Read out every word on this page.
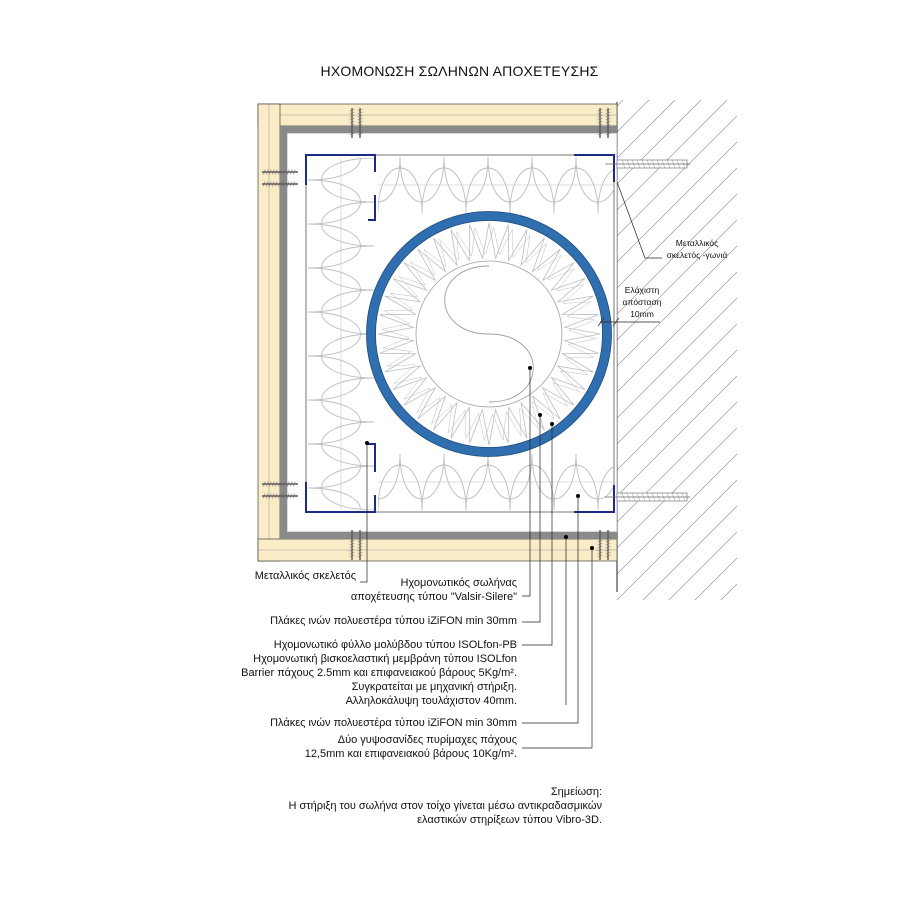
ΗΧΟΜΟΝΩΣΗ ΣΩΛΗΝΩΝ ΑΠΟΧΕΤΕΥΣΗΣ
Μεταλλικός
σκελετός -γωνιά
Ελάχιστη
απόσταση
10mm
Μεταλλικός σκελετός
Ηχομονωτικός σωλήνας
αποχέτευσης τύπου "Valsir-Silere"
Πλάκες ινών πολυεστέρα τύπου iZiFON min 30mm
Ηχομονωτικό φύλλο μολύβδου τύπου ISOLfon-PB
Ηχομονωτική βισκοελαστική μεμβράνη τύπου ISOLfon
Barrier πάχους 2.5mm και επιφανειακού βάρους 5Kg/m².
Συγκρατείται με μηχανική στήριξη.
Αλληλοκάλυψη τουλάχιστον 40mm.
Πλάκες ινών πολυεστέρα τύπου iZiFON min 30mm
Δύο γυψοσανίδες πυρίμαχες πάχους
12,5mm και επιφανειακού βάρους 10Kg/m².
Σημείωση:
Η στήριξη του σωλήνα στον τοίχο γίνεται μέσω αντικραδασμικών
ελαστικών στηρίξεων τύπου Vibro-3D.
